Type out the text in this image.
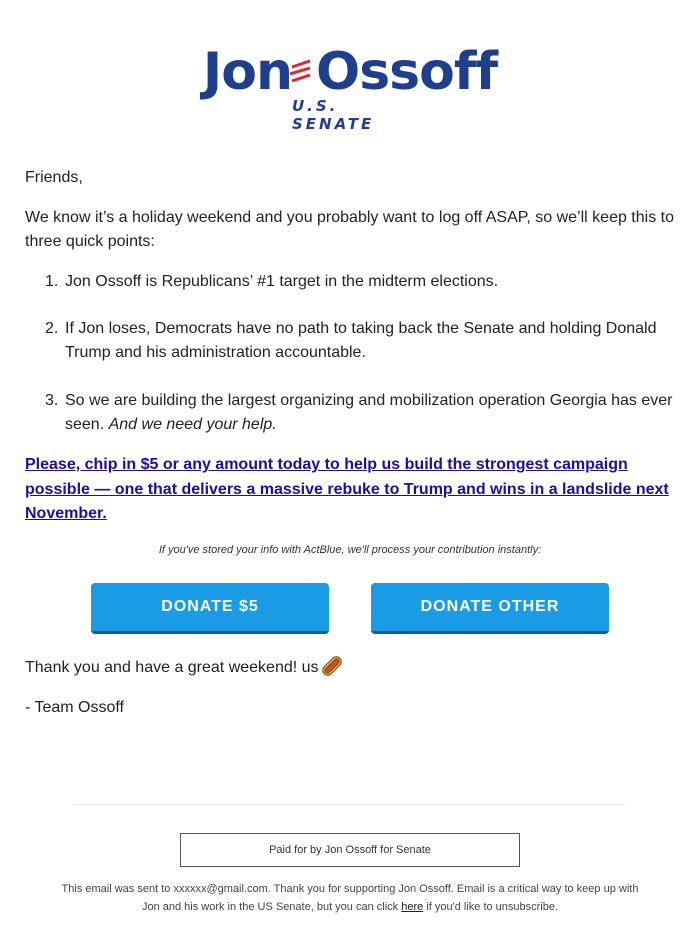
Jon Ossoff
U.S. SENATE
Friends,
We know it’s a holiday weekend and you probably want to log off ASAP, so we’ll keep this to three quick points:
1. Jon Ossoff is Republicans’ #1 target in the midterm elections.
2. If Jon loses, Democrats have no path to taking back the Senate and holding Donald Trump and his administration accountable.
3. So we are building the largest organizing and mobilization operation Georgia has ever seen. And we need your help.
Please, chip in $5 or any amount today to help us build the strongest campaign possible — one that delivers a massive rebuke to Trump and wins in a landslide next November.
If you've stored your info with ActBlue, we'll process your contribution instantly:
DONATE $5	DONATE OTHER
Thank you and have a great weekend! us
- Team Ossoff
Paid for by Jon Ossoff for Senate
This email was sent to xxxxxx@gmail.com. Thank you for supporting Jon Ossoff. Email is a critical way to keep up with Jon and his work in the US Senate, but you can click here if you'd like to unsubscribe.
